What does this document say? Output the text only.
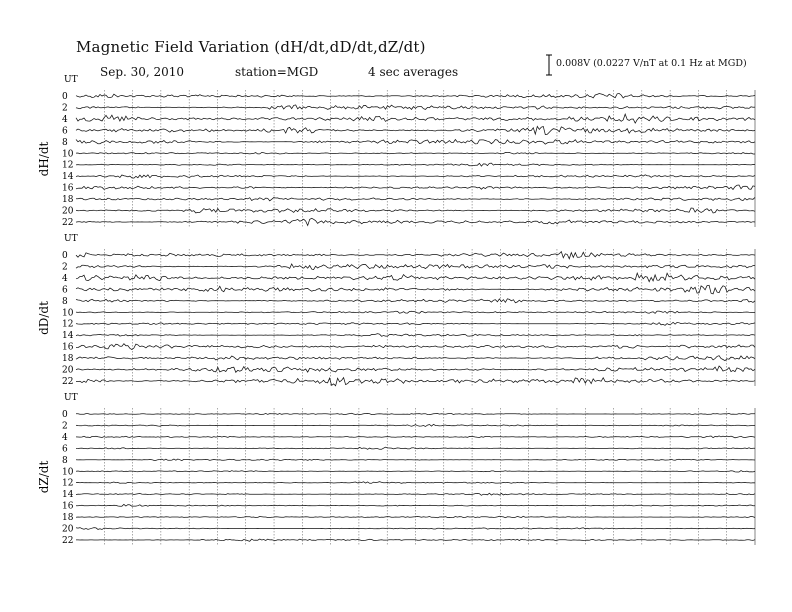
Magnetic Field Variation (dH/dt,dD/dt,dZ/dt)
Sep. 30, 2010	station=MGD	4 sec averages
0.008V (0.0227 V/nT at 0.1 Hz at MGD)
UT
dH/dt
0
2
4
6
8
10
12
14
16
18
20
22
UT
dD/dt
0
2
4
6
8
10
12
14
16
18
20
22
UT
dZ/dt
0
2
4
6
8
10
12
14
16
18
20
22
